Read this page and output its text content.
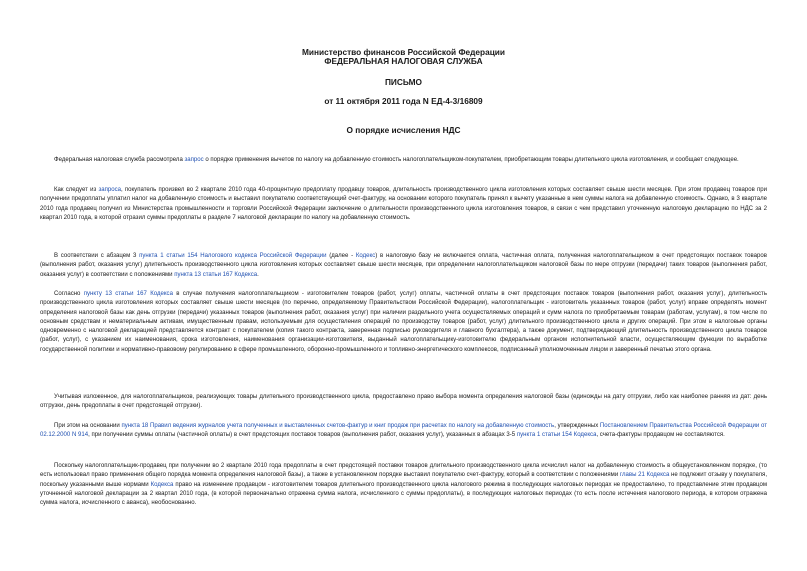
Министерство финансов Российской Федерации
ФЕДЕРАЛЬНАЯ НАЛОГОВАЯ СЛУЖБА
ПИСЬМО
от 11 октября 2011 года N ЕД-4-3/16809
О порядке исчисления НДС

Федеральная налоговая служба рассмотрела запрос о порядке применения вычетов по налогу на добавленную стоимость налогоплательщиком-покупателем, приобретающим товары длительного цикла изготовления, и сообщает следующее.

Как следует из запроса, покупатель произвел во 2 квартале 2010 года 40-процентную предоплату продавцу товаров, длительность производственного цикла изготовления которых составляет свыше шести месяцев. При этом продавец товаров при получении предоплаты уплатил налог на добавленную стоимость и выставил покупателю соответствующий счет-фактуру, на основании которого покупатель принял к вычету указанные в нем суммы налога на добавленную стоимость. Однако, в 3 квартале 2010 года продавец получил из Министерства промышленности и торговли Российской Федерации заключение о длительности производственного цикла изготовления товаров, в связи с чем представил уточненную налоговую декларацию по НДС за 2 квартал 2010 года, в которой отразил суммы предоплаты в разделе 7 налоговой декларации по налогу на добавленную стоимость.

В соответствии с абзацем 3 пункта 1 статьи 154 Налогового кодекса Российской Федерации (далее - Кодекс) в налоговую базу не включается оплата, частичная оплата, полученная налогоплательщиком в счет предстоящих поставок товаров (выполнения работ, оказания услуг) длительность производственного цикла изготовления которых составляет свыше шести месяцев, при определении налогоплательщиком налоговой базы по мере отгрузки (передачи) таких товаров (выполнения работ, оказания услуг) в соответствии с положениями пункта 13 статьи 167 Кодекса.

Согласно пункту 13 статьи 167 Кодекса в случае получения налогоплательщиком - изготовителем товаров (работ, услуг) оплаты, частичной оплаты в счет предстоящих поставок товаров (выполнения работ, оказания услуг), длительность производственного цикла изготовления которых составляет свыше шести месяцев (по перечню, определяемому Правительством Российской Федерации), налогоплательщик - изготовитель указанных товаров (работ, услуг) вправе определять момент определения налоговой базы как день отгрузки (передачи) указанных товаров (выполнения работ, оказания услуг) при наличии раздельного учета осуществляемых операций и сумм налога по приобретаемым товарам (работам, услугам), в том числе по основным средствам и нематериальным активам, имущественным правам, используемым для осуществления операций по производству товаров (работ, услуг) длительного производственного цикла и других операций. При этом в налоговые органы одновременно с налоговой декларацией представляется контракт с покупателем (копия такого контракта, заверенная подписью руководителя и главного бухгалтера), а также документ, подтверждающий длительность производственного цикла товаров (работ, услуг), с указанием их наименования, срока изготовления, наименования организации-изготовителя, выданный налогоплательщику-изготовителю федеральным органом исполнительной власти, осуществляющим функции по выработке государственной политики и нормативно-правовому регулированию в сфере промышленного, оборонно-промышленного и топливно-энергетического комплексов, подписанный уполномоченным лицом и заверенный печатью этого органа.

Учитывая изложенное, для налогоплательщиков, реализующих товары длительного производственного цикла, предоставлено право выбора момента определения налоговой базы (единожды на дату отгрузки, либо как наиболее ранняя из дат: день отгрузки, день предоплаты в счет предстоящей отгрузки).

При этом на основании пункта 18 Правил ведения журналов учета полученных и выставленных счетов-фактур и книг продаж при расчетах по налогу на добавленную стоимость, утвержденных Постановлением Правительства Российской Федерации от 02.12.2000 N 914, при получении суммы оплаты (частичной оплаты) в счет предстоящих поставок товаров (выполнения работ, оказания услуг), указанных в абзацах 3-5 пункта 1 статьи 154 Кодекса, счета-фактуры продавцом не составляются.

Поскольку налогоплательщик-продавец при получении во 2 квартале 2010 года предоплаты в счет предстоящей поставки товаров длительного производственного цикла исчислил налог на добавленную стоимость в общеустановленном порядке, (то есть использовал право применения общего порядка момента определения налоговой базы), а также в установленном порядке выставил покупателю счет-фактуру, который в соответствии с положениями главы 21 Кодекса не подлежит отзыву у покупателя, поскольку указанными выше нормами Кодекса право на изменение продавцом - изготовителем товаров длительного производственного цикла налогового режима в последующих налоговых периодах не предоставлено, то представление этим продавцом уточненной налоговой декларации за 2 квартал 2010 года, (в которой первоначально отражена сумма налога, исчисленного с суммы предоплаты), в последующих налоговых периодах (то есть после истечения налогового периода, в котором отражена сумма налога, исчисленного с аванса), необоснованно.
